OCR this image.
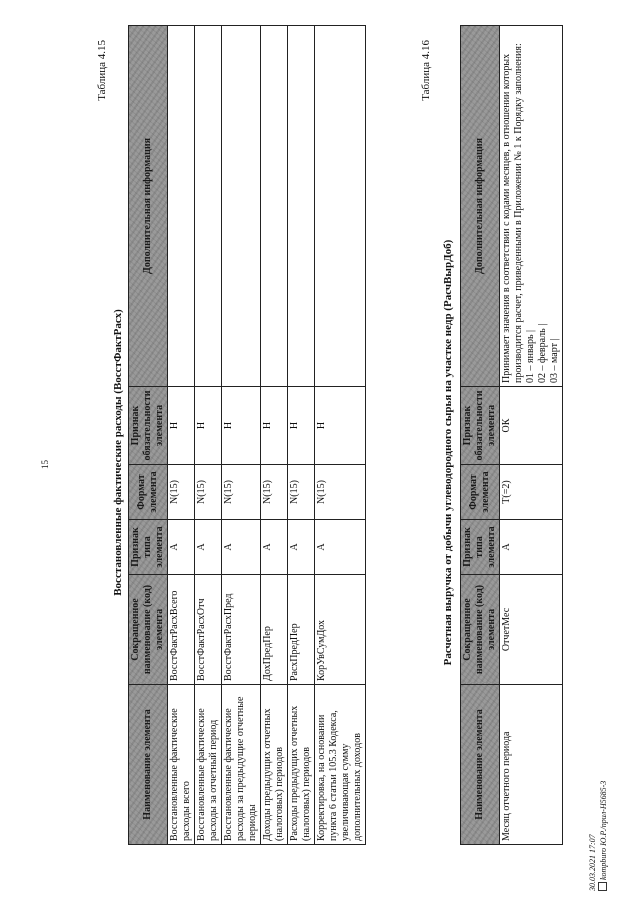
15
Таблица 4.15
Восстановленные фактические расходы (ВосстФактРасх)
Наименование элемента	Сокращенное наименование (код) элемента	Признак типа элемента	Формат элемента	Признак обязательности элемента	Дополнительная информация
Восстановленные фактические расходы всего	ВосстФактРасхВсего	А	N(15)	Н	
Восстановленные фактические расходы за отчетный период	ВосстФактРасхОтч	А	N(15)	Н	
Восстановленные фактические расходы за предыдущие отчетные периоды	ВосстФактРасхПред	А	N(15)	Н	
Доходы предыдущих отчетных (налоговых) периодов	ДохПредПер	А	N(15)	Н	
Расходы предыдущих отчетных (налоговых) периодов	РасхПредПер	А	N(15)	Н	
Корректировка, на основании пункта 6 статьи 105.3 Кодекса, увеличивающая сумму дополнительных доходов	КорУвСумДох	А	N(15)	Н	
Таблица 4.16
Расчетная выручка от добычи углеводородного сырья на участке недр (РасчВырДоб)
Наименование элемента	Сокращенное наименование (код) элемента	Признак типа элемента	Формат элемента	Признак обязательности элемента	Дополнительная информация
Месяц отчетного периода	ОтчетМес	А	T(=2)	ОК	Принимает значения в соответствии с кодами месяцев, в отношении которых производится расчет, приведенными в Приложении № 1 к Порядку заполнения: 01 – январь | 02 – февраль | 03 – март |
30.03.2021 17:07 kompburo Ю.Р./прил-Н5685-3
